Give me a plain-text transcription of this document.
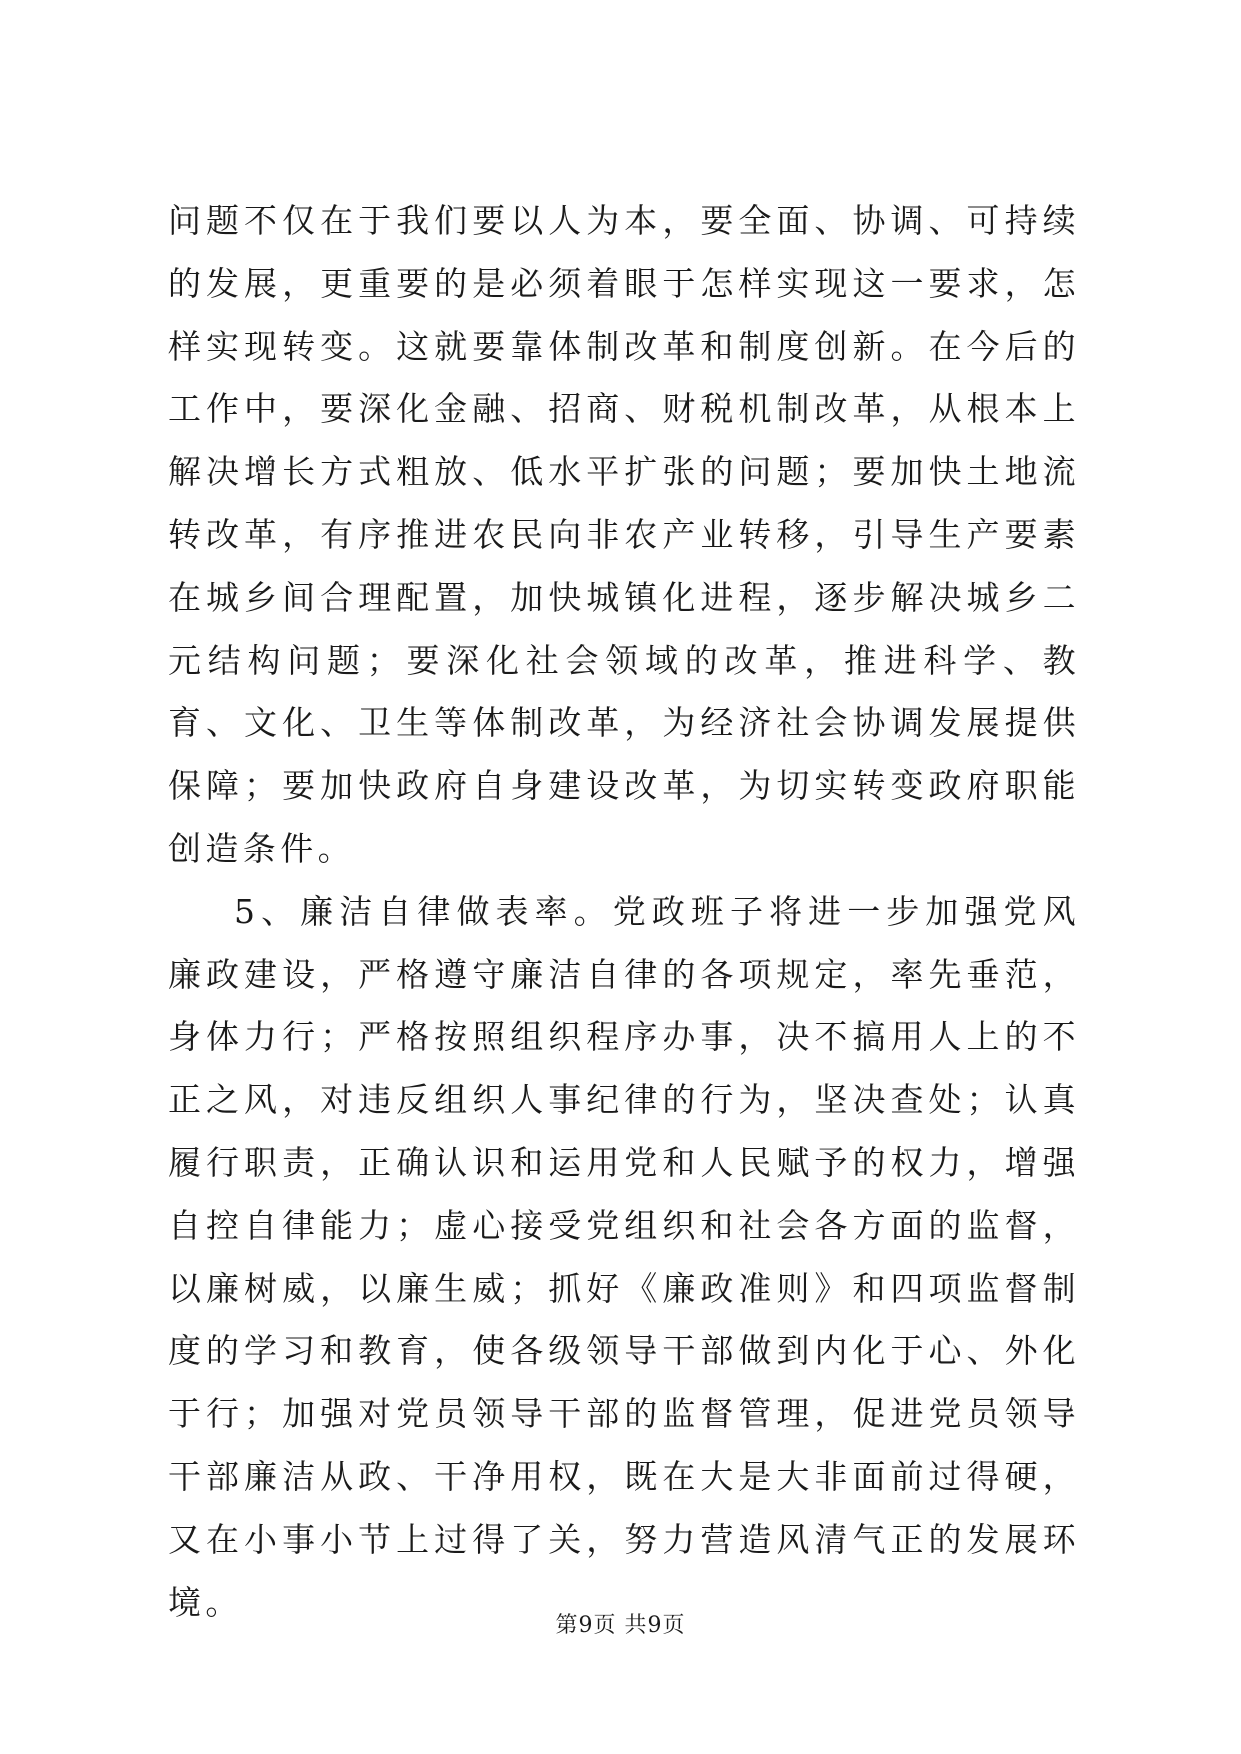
问题不仅在于我们要以人为本，要全面、协调、可持续的发展，更重要的是必须着眼于怎样实现这一要求，怎样实现转变。这就要靠体制改革和制度创新。在今后的工作中，要深化金融、招商、财税机制改革，从根本上解决增长方式粗放、低水平扩张的问题；要加快土地流转改革，有序推进农民向非农产业转移，引导生产要素在城乡间合理配置，加快城镇化进程，逐步解决城乡二元结构问题；要深化社会领域的改革，推进科学、教育、文化、卫生等体制改革，为经济社会协调发展提供保障；要加快政府自身建设改革，为切实转变政府职能创造条件。

5、廉洁自律做表率。党政班子将进一步加强党风廉政建设，严格遵守廉洁自律的各项规定，率先垂范，身体力行；严格按照组织程序办事，决不搞用人上的不正之风，对违反组织人事纪律的行为，坚决查处；认真履行职责，正确认识和运用党和人民赋予的权力，增强自控自律能力；虚心接受党组织和社会各方面的监督，以廉树威，以廉生威；抓好《廉政准则》和四项监督制度的学习和教育，使各级领导干部做到内化于心、外化于行；加强对党员领导干部的监督管理，促进党员领导干部廉洁从政、干净用权，既在大是大非面前过得硬，又在小事小节上过得了关，努力营造风清气正的发展环境。

第9页 共9页
